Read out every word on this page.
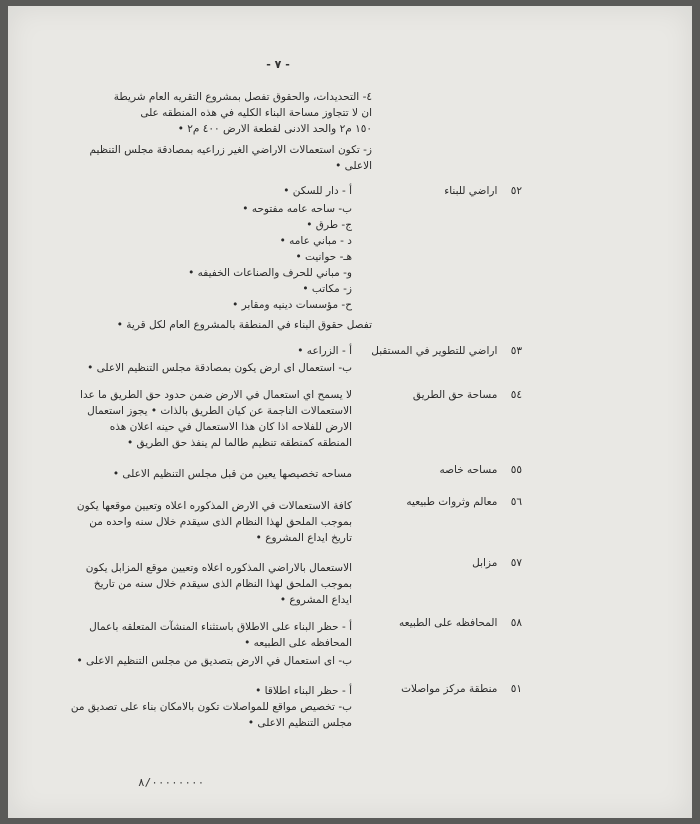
- ٧ -
٤- التحديدات، والحقوق تفصل بمشروع التقريه العام شريطة
ان لا تتجاوز مساحة البناء الكليه في هذه المنطقه على
١٥٠ م٢ والحد الادنى لقطعة الارض ٤٠٠ م٢ •
ز- تكون استعمالات الاراضي الغير زراعيه بمصادقة مجلس التنظيم
الاعلى •
٥٢    اراضي للبناء
أ - دار للسكن •
ب- ساحه عامه مفتوحه •
ج- طرق •
د - مباني عامه •
هـ- حوانيت •
و- مباني للحرف والصناعات الخفيفه •
ز- مكاتب •
ح- مؤسسات دينيه ومقابر •
تفصل حقوق البناء في المنطقة بالمشروع العام لكل قرية •
٥٣    اراضي للتطوير في المستقبل
أ - الزراعه •
ب- استعمال اى ارض يكون بمصادقة مجلس التنظيم الاعلى •
٥٤    مساحة حق الطريق
لا يسمح اي استعمال في الارض ضمن حدود حق الطريق ما عدا
الاستعمالات الناجمة عن كيان الطريق بالذات • يجوز استعمال
الارض للفلاحه اذا كان هذا الاستعمال في حينه اعلان هذه
المنطقه كمنطقه تنظيم طالما لم ينفذ حق الطريق •
٥٥    مساحه خاصه
مساحه تخصيصها يعين من قبل مجلس التنظيم الاعلى •
٥٦    معالم وثروات طبيعيه
كافة الاستعمالات في الارض المذكوره اعلاه وتعيين موقعها يكون
بموجب الملحق لهذا النظام الذى سيقدم خلال سنه واحده من
تاريخ ايداع المشروع •
٥٧    مزابل
الاستعمال بالاراضي المذكوره اعلاه وتعيين موقع المزابل يكون
بموجب الملحق لهذا النظام الذى سيقدم خلال سنه من تاريخ
ايداع المشروع •
٥٨    المحافظه على الطبيعه
أ - حظر البناء على الاطلاق باستثناء المنشآت المتعلقه باعمال
المحافظه على الطبيعه •
ب- اى استعمال في الارض بتصديق من مجلس التنظيم الاعلى •
٥١    منطقة مركز مواصلات
أ - حظر البناء اطلاقا •
ب- تخصيص مواقع للمواصلات تكون بالامكان بناء على تصديق من
مجلس التنظيم الاعلى •
٨/٠٠٠٠٠٠٠٠
